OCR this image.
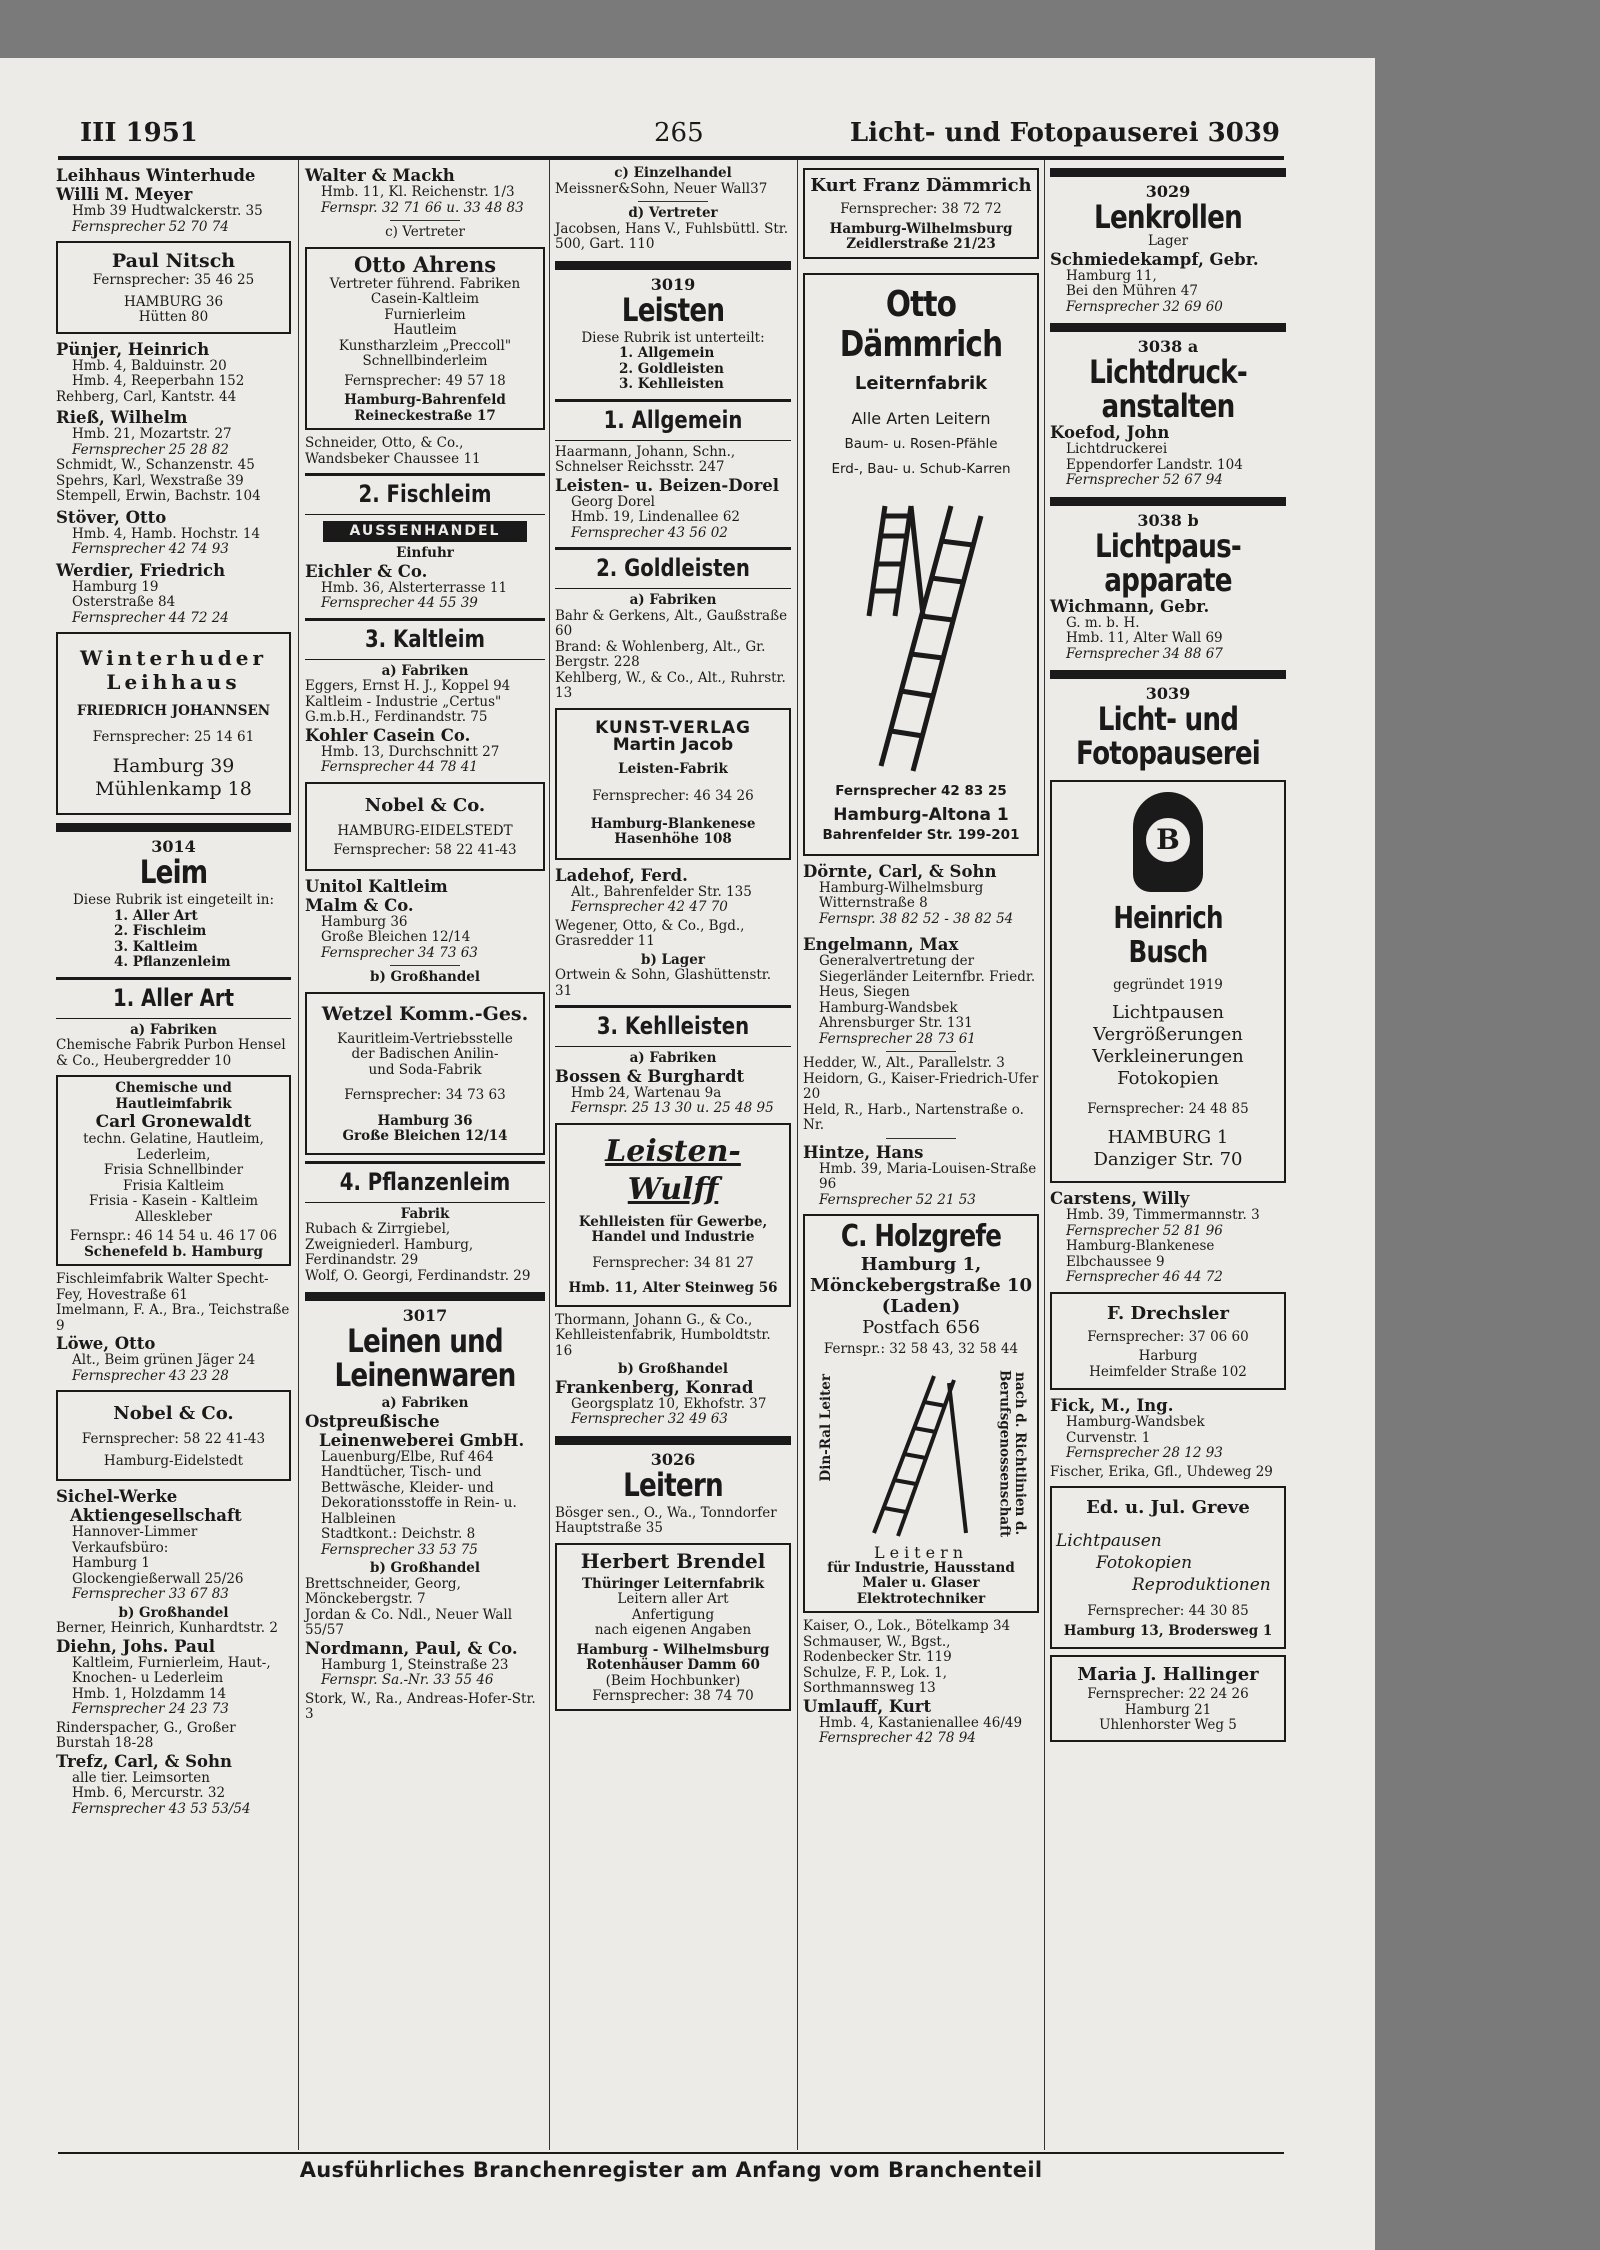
III 1951	265	Licht- und Fotopauserei 3039
Leihhaus Winterhude
Willi M. Meyer
Hmb 39 Hudtwalckerstr. 35
Fernsprecher 52 70 74
Paul Nitsch
Fernsprecher: 35 46 25
HAMBURG 36
Hütten 80
Pünjer, Heinrich
Hmb. 4, Balduinstr. 20
Hmb. 4, Reeperbahn 152
Rehberg, Carl, Kantstr. 44
Rieß, Wilhelm
Hmb. 21, Mozartstr. 27
Fernsprecher 25 28 82
Schmidt, W., Schanzenstr. 45
Spehrs, Karl, Wexstraße 39
Stempell, Erwin, Bachstr. 104
Stöver, Otto
Hmb. 4, Hamb. Hochstr. 14
Fernsprecher 42 74 93
Werdier, Friedrich
Hamburg 19
Osterstraße 84
Fernsprecher 44 72 24
Winterhuder
Leihhaus
FRIEDRICH JOHANNSEN
Fernsprecher: 25 14 61
Hamburg 39
Mühlenkamp 18
3014
Leim
Diese Rubrik ist eingeteilt in:
1. Aller Art
2. Fischleim
3. Kaltleim
4. Pflanzenleim
1. Aller Art
a) Fabriken
Chemische Fabrik Purbon Hensel & Co., Heubergredder 10
Chemische und Hautleimfabrik
Carl Gronewaldt
techn. Gelatine, Hautleim,
Lederleim,
Frisia Schnellbinder
Frisia Kaltleim
Frisia - Kasein - Kaltleim
Alleskleber
Fernspr.: 46 14 54 u. 46 17 06
Schenefeld b. Hamburg
Fischleimfabrik Walter Specht-Fey, Hovestraße 61
Imelmann, F. A., Bra., Teichstraße 9
Löwe, Otto
Alt., Beim grünen Jäger 24
Fernsprecher 43 23 28
Nobel & Co.
Fernsprecher: 58 22 41-43
Hamburg-Eidelstedt
Sichel-Werke
Aktiengesellschaft
Hannover-Limmer
Verkaufsbüro:
Hamburg 1
Glockengießerwall 25/26
Fernsprecher 33 67 83
b) Großhandel
Berner, Heinrich, Kunhardtstr. 2
Diehn, Johs. Paul
Kaltleim, Furnierleim, Haut-, Knochen- u Lederleim
Hmb. 1, Holzdamm 14
Fernsprecher 24 23 73
Rinderspacher, G., Großer Burstah 18-28
Trefz, Carl, & Sohn
alle tier. Leimsorten
Hmb. 6, Mercurstr. 32
Fernsprecher 43 53 53/54
Walter & Mackh
Hmb. 11, Kl. Reichenstr. 1/3
Fernspr. 32 71 66 u. 33 48 83
c) Vertreter
Otto Ahrens
Vertreter führend. Fabriken
Casein-Kaltleim
Furnierleim
Hautleim
Kunstharzleim „Preccoll"
Schnellbinderleim
Fernsprecher: 49 57 18
Hamburg-Bahrenfeld
Reineckestraße 17
Schneider, Otto, & Co., Wandsbeker Chaussee 11
2. Fischleim
AUSSENHANDEL
Einfuhr
Eichler & Co.
Hmb. 36, Alsterterrasse 11
Fernsprecher 44 55 39
3. Kaltleim
a) Fabriken
Eggers, Ernst H. J., Koppel 94
Kaltleim - Industrie „Certus" G.m.b.H., Ferdinandstr. 75
Kohler Casein Co.
Hmb. 13, Durchschnitt 27
Fernsprecher 44 78 41
Nobel & Co.
HAMBURG-EIDELSTEDT
Fernsprecher: 58 22 41-43
Unitol Kaltleim
Malm & Co.
Hamburg 36
Große Bleichen 12/14
Fernsprecher 34 73 63
b) Großhandel
Wetzel Komm.-Ges.
Kauritleim-Vertriebsstelle
der Badischen Anilin-
und Soda-Fabrik
Fernsprecher: 34 73 63
Hamburg 36
Große Bleichen 12/14
4. Pflanzenleim
Fabrik
Rubach & Zirrgiebel, Zweigniederl. Hamburg, Ferdinandstr. 29
Wolf, O. Georgi, Ferdinandstr. 29
3017
Leinen und
Leinenwaren
a) Fabriken
Ostpreußische
Leinenweberei GmbH.
Lauenburg/Elbe, Ruf 464
Handtücher, Tisch- und Bettwäsche, Kleider- und Dekorationsstoffe in Rein- u. Halbleinen
Stadtkont.: Deichstr. 8
Fernsprecher 33 53 75
b) Großhandel
Brettschneider, Georg, Mönckebergstr. 7
Jordan & Co. Ndl., Neuer Wall 55/57
Nordmann, Paul, & Co.
Hamburg 1, Steinstraße 23
Fernspr. Sa.-Nr. 33 55 46
Stork, W., Ra., Andreas-Hofer-Str. 3
c) Einzelhandel
Meissner&Sohn, Neuer Wall37
d) Vertreter
Jacobsen, Hans V., Fuhlsbüttl. Str. 500, Gart. 110
3019
Leisten
Diese Rubrik ist unterteilt:
1. Allgemein
2. Goldleisten
3. Kehlleisten
1. Allgemein
Haarmann, Johann, Schn., Schnelser Reichsstr. 247
Leisten- u. Beizen-Dorel
Georg Dorel
Hmb. 19, Lindenallee 62
Fernsprecher 43 56 02
2. Goldleisten
a) Fabriken
Bahr & Gerkens, Alt., Gaußstraße 60
Brand: & Wohlenberg, Alt., Gr. Bergstr. 228
Kehlberg, W., & Co., Alt., Ruhrstr. 13
KUNST-VERLAG
Martin Jacob
Leisten-Fabrik
Fernsprecher: 46 34 26
Hamburg-Blankenese
Hasenhöhe 108
Ladehof, Ferd.
Alt., Bahrenfelder Str. 135
Fernsprecher 42 47 70
Wegener, Otto, & Co., Bgd., Grasredder 11
b) Lager
Ortwein & Sohn, Glashüttenstr. 31
3. Kehlleisten
a) Fabriken
Bossen & Burghardt
Hmb 24, Wartenau 9a
Fernspr. 25 13 30 u. 25 48 95
Leisten-Wulff
Kehlleisten für Gewerbe,
Handel und Industrie
Fernsprecher: 34 81 27
Hmb. 11, Alter Steinweg 56
Thormann, Johann G., & Co., Kehlleistenfabrik, Humboldtstr. 16
b) Großhandel
Frankenberg, Konrad
Georgsplatz 10, Ekhofstr. 37
Fernsprecher 32 49 63
3026
Leitern
Bösger sen., O., Wa., Tonndorfer Hauptstraße 35
Herbert Brendel
Thüringer Leiternfabrik
Leitern aller Art
Anfertigung
nach eigenen Angaben
Hamburg - Wilhelmsburg
Rotenhäuser Damm 60
(Beim Hochbunker)
Fernsprecher: 38 74 70
Kurt Franz Dämmrich
Fernsprecher: 38 72 72
Hamburg-Wilhelmsburg
Zeidlerstraße 21/23
Otto Dämmrich
Leiternfabrik
Alle Arten Leitern
Baum- u. Rosen-Pfähle
Erd-, Bau- u. Schub-Karren
Fernsprecher 42 83 25
Hamburg-Altona 1
Bahrenfelder Str. 199-201
Dörnte, Carl, & Sohn
Hamburg-Wilhelmsburg
Witternstraße 8
Fernspr. 38 82 52 - 38 82 54
Engelmann, Max
Generalvertretung der Siegerländer Leiternfbr. Friedr. Heus, Siegen
Hamburg-Wandsbek
Ahrensburger Str. 131
Fernsprecher 28 73 61
Hedder, W., Alt., Parallelstr. 3
Heidorn, G., Kaiser-Friedrich-Ufer 20
Held, R., Harb., Nartenstraße o. Nr.
Hintze, Hans
Hmb. 39, Maria-Louisen-Straße 96
Fernsprecher 52 21 53
C. Holzgrefe
Hamburg 1,
Mönckebergstraße 10
(Laden)
Postfach 656
Fernspr.: 32 58 43, 32 58 44
Din-Ral Leiter	nach d. Richtlinien d. Berufsgenossenschaft
Leitern
für Industrie, Hausstand
Maler u. Glaser
Elektrotechniker
Kaiser, O., Lok., Bötelkamp 34
Schmauser, W., Bgst., Rodenbecker Str. 119
Schulze, F. P., Lok. 1, Sorthmannsweg 13
Umlauff, Kurt
Hmb. 4, Kastanienallee 46/49
Fernsprecher 42 78 94
3029
Lenkrollen
Lager
Schmiedekampf, Gebr.
Hamburg 11,
Bei den Mühren 47
Fernsprecher 32 69 60
3038 a
Lichtdruck-
anstalten
Koefod, John
Lichtdruckerei
Eppendorfer Landstr. 104
Fernsprecher 52 67 94
3038 b
Lichtpaus-
apparate
Wichmann, Gebr.
G. m. b. H.
Hmb. 11, Alter Wall 69
Fernsprecher 34 88 67
3039
Licht- und
Fotopauserei
B
Heinrich Busch
gegründet 1919
Lichtpausen
Vergrößerungen
Verkleinerungen
Fotokopien
Fernsprecher: 24 48 85
HAMBURG 1
Danziger Str. 70
Carstens, Willy
Hmb. 39, Timmermannstr. 3
Fernsprecher 52 81 96
Hamburg-Blankenese
Elbchaussee 9
Fernsprecher 46 44 72
F. Drechsler
Fernsprecher: 37 06 60
Harburg
Heimfelder Straße 102
Fick, M., Ing.
Hamburg-Wandsbek
Curvenstr. 1
Fernsprecher 28 12 93
Fischer, Erika, Gfl., Uhdeweg 29
Ed. u. Jul. Greve
Lichtpausen
Fotokopien
Reproduktionen
Fernsprecher: 44 30 85
Hamburg 13, Brodersweg 1
Maria J. Hallinger
Fernsprecher: 22 24 26
Hamburg 21
Uhlenhorster Weg 5
Ausführliches Branchenregister am Anfang vom Branchenteil
